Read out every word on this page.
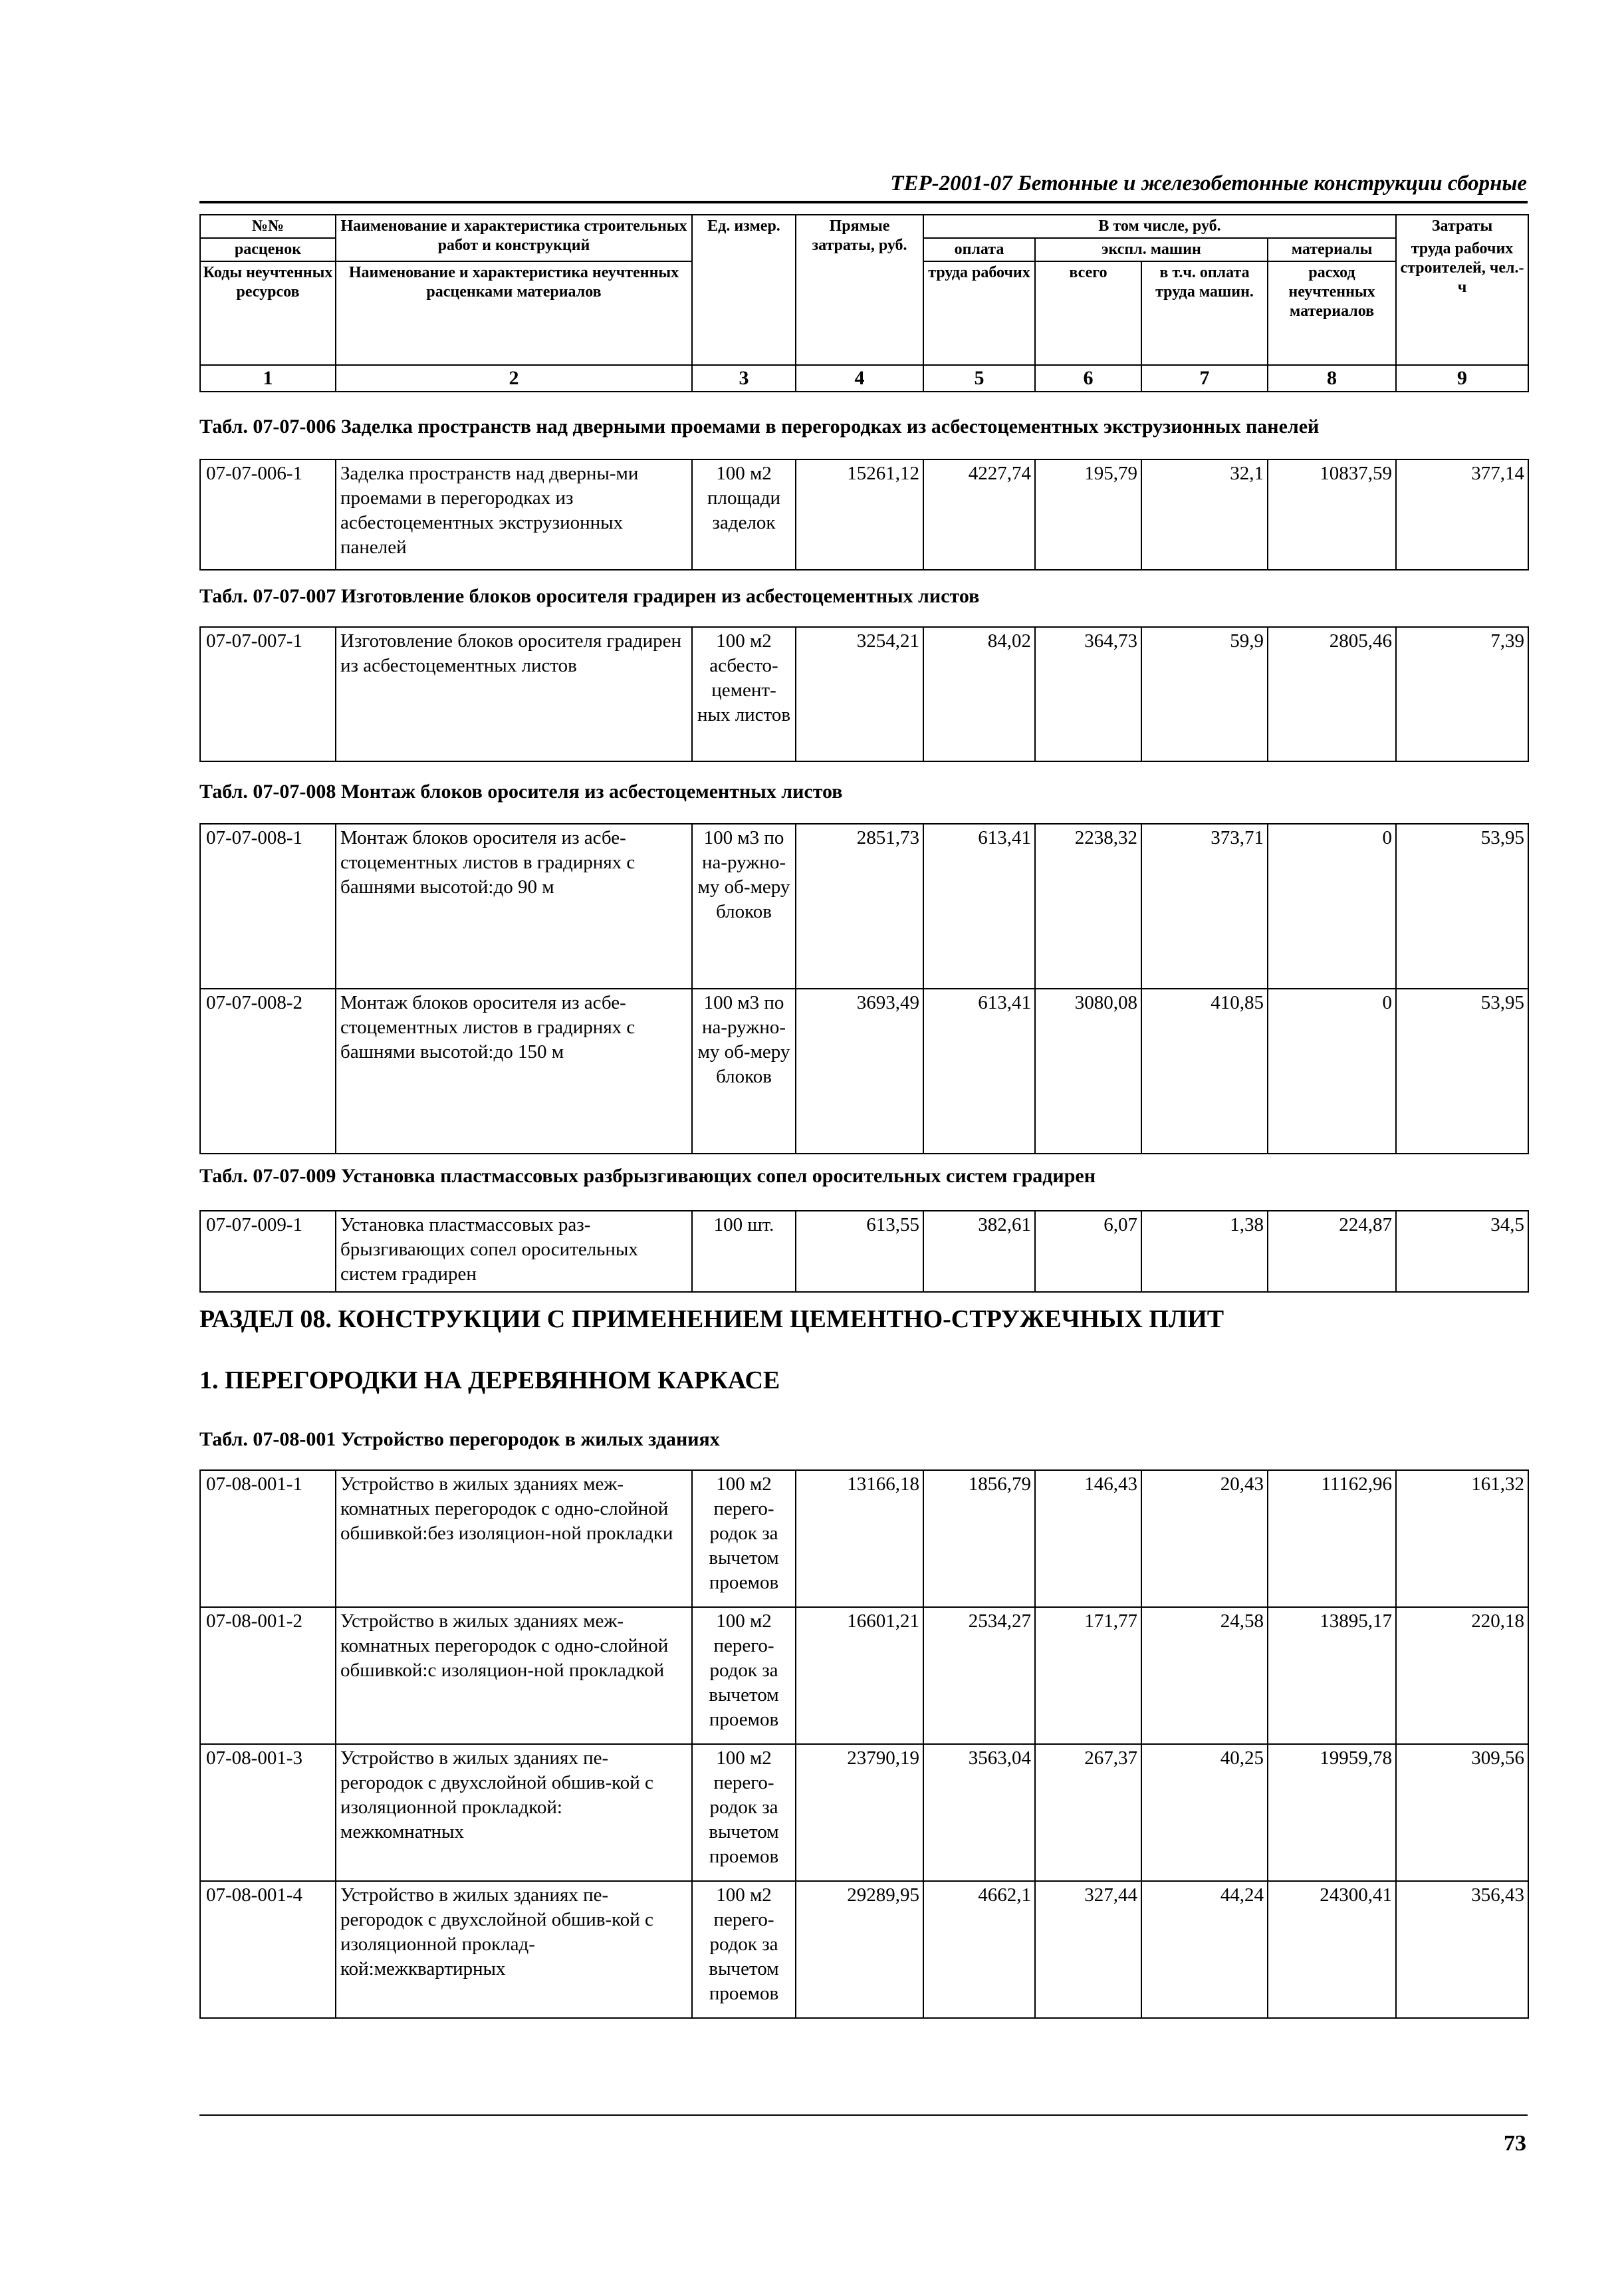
ТЕР-2001-07 Бетонные и железобетонные конструкции сборные
№№	Наименование и характеристика строительных работ и конструкций	Ед. измер.	Прямые затраты, руб.	В том числе, руб.				Затраты
расценок				оплата	экспл. машин		материалы	труда рабочих строителей, чел.-ч
Коды неучтенных ресурсов	Наименование и характеристика неучтенных расценками материалов			труда рабочих	всего	в т.ч. оплата труда машин.	расход неучтенных материалов	
1	2	3	4	5	6	7	8	9
Табл. 07-07-006 Заделка пространств над дверными проемами в перегородках из асбестоцементных экструзионных панелей
07-07-006-1	Заделка пространств над дверны-ми проемами в перегородках из асбестоцементных экструзионных панелей	100 м2 площади заделок	15261,12	4227,74	195,79	32,1	10837,59	377,14
Табл. 07-07-007 Изготовление блоков оросителя градирен из асбестоцементных листов
07-07-007-1	Изготовление блоков оросителя градирен из асбестоцементных листов	100 м2 асбесто-цемент-ных листов	3254,21	84,02	364,73	59,9	2805,46	7,39
Табл. 07-07-008 Монтаж блоков оросителя из асбестоцементных листов
07-07-008-1	Монтаж блоков оросителя из асбе-стоцементных листов в градирнях с башнями высотой:до 90 м	100 м3 по на-ружно-му об-меру блоков	2851,73	613,41	2238,32	373,71	0	53,95
07-07-008-2	Монтаж блоков оросителя из асбе-стоцементных листов в градирнях с башнями высотой:до 150 м	100 м3 по на-ружно-му об-меру блоков	3693,49	613,41	3080,08	410,85	0	53,95
Табл. 07-07-009 Установка пластмассовых разбрызгивающих сопел оросительных систем градирен
07-07-009-1	Установка пластмассовых раз-брызгивающих сопел оросительных систем градирен	100 шт.	613,55	382,61	6,07	1,38	224,87	34,5
РАЗДЕЛ 08. КОНСТРУКЦИИ С ПРИМЕНЕНИЕМ ЦЕМЕНТНО-СТРУЖЕЧНЫХ ПЛИТ
1. ПЕРЕГОРОДКИ НА ДЕРЕВЯННОМ КАРКАСЕ
Табл. 07-08-001 Устройство перегородок в жилых зданиях
07-08-001-1	Устройство в жилых зданиях меж-комнатных перегородок с одно-слойной обшивкой:без изоляцион-ной прокладки	100 м2 перего-родок за вычетом проемов	13166,18	1856,79	146,43	20,43	11162,96	161,32
07-08-001-2	Устройство в жилых зданиях меж-комнатных перегородок с одно-слойной обшивкой:с изоляцион-ной прокладкой	100 м2 перего-родок за вычетом проемов	16601,21	2534,27	171,77	24,58	13895,17	220,18
07-08-001-3	Устройство в жилых зданиях пе-регородок с двухслойной обшив-кой с изоляционной прокладкой: межкомнатных	100 м2 перего-родок за вычетом проемов	23790,19	3563,04	267,37	40,25	19959,78	309,56
07-08-001-4	Устройство в жилых зданиях пе-регородок с двухслойной обшив-кой с изоляционной проклад-кой:межквартирных	100 м2 перего-родок за вычетом проемов	29289,95	4662,1	327,44	44,24	24300,41	356,43
73
